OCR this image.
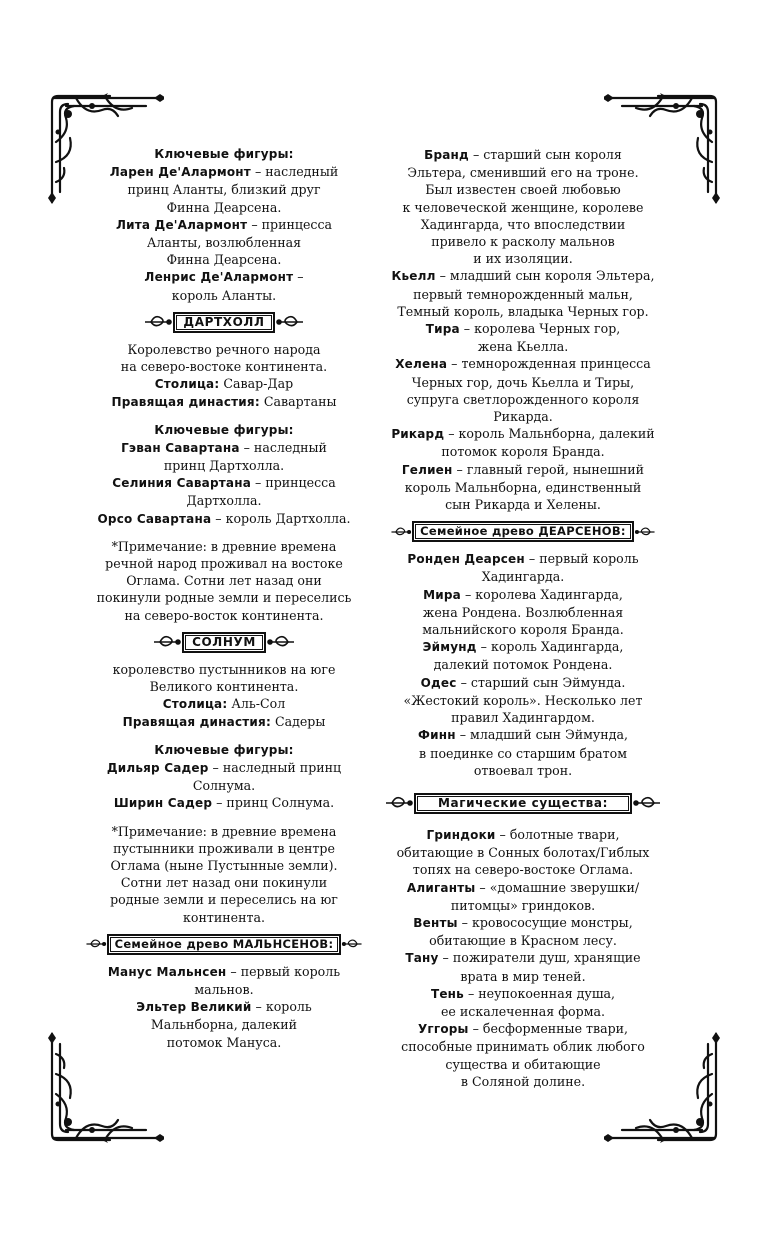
Ключевые фигуры:
Ларен Де'Алармонт – наследный
принц Аланты, близкий друг
Финна Деарсена.
Лита Де'Алармонт – принцесса
Аланты, возлюбленная
Финна Деарсена.
Ленрис Де'Алармонт –
король Аланты.
ДАРТХОЛЛ
Королевство речного народа
на северо-востоке континента.
Столица: Савар-Дар
Правящая династия: Савартаны
Ключевые фигуры:
Гэван Савартана – наследный
принц Дартхолла.
Селиния Савартана – принцесса
Дартхолла.
Орсо Савартана – король Дартхолла.
*Примечание: в древние времена
речной народ проживал на востоке
Оглама. Сотни лет назад они
покинули родные земли и переселись
на северо-восток континента.
СОЛНУМ
королевство пустынников на юге
Великого континента.
Столица: Аль-Сол
Правящая династия: Садеры
Ключевые фигуры:
Дильяр Садер – наследный принц
Солнума.
Ширин Садер – принц Солнума.
*Примечание: в древние времена
пустынники проживали в центре
Оглама (ныне Пустынные земли).
Сотни лет назад они покинули
родные земли и переселись на юг
континента.
Семейное древо МАЛЬНСЕНОВ:
Манус Мальнсен – первый король
мальнов.
Эльтер Великий – король
Мальнборна, далекий
потомок Мануса.
Бранд – старший сын короля
Эльтера, сменивший его на троне.
Был известен своей любовью
к человеческой женщине, королеве
Хадингарда, что впоследствии
привело к расколу мальнов
и их изоляции.
Кьелл – младший сын короля Эльтера,
первый темнорожденный мальн,
Темный король, владыка Черных гор.
Тира – королева Черных гор,
жена Кьелла.
Хелена – темнорожденная принцесса
Черных гор, дочь Кьелла и Тиры,
супруга светлорожденного короля
Рикарда.
Рикард – король Мальнборна, далекий
потомок короля Бранда.
Гелиен – главный герой, нынешний
король Мальнборна, единственный
сын Рикарда и Хелены.
Семейное древо ДЕАРСЕНОВ:
Ронден Деарсен – первый король
Хадингарда.
Мира – королева Хадингарда,
жена Рондена. Возлюбленная
мальнийского короля Бранда.
Эймунд – король Хадингарда,
далекий потомок Рондена.
Одес – старший сын Эймунда.
«Жестокий король». Несколько лет
правил Хадингардом.
Финн – младший сын Эймунда,
в поединке со старшим братом
отвоевал трон.
Магические существа:
Гриндоки – болотные твари,
обитающие в Сонных болотах/Гиблых
топях на северо-востоке Оглама.
Алиганты – «домашние зверушки/
питомцы» гриндоков.
Венты – кровососущие монстры,
обитающие в Красном лесу.
Тану – пожиратели душ, хранящие
врата в мир теней.
Тень – неупокоенная душа,
ее искалеченная форма.
Уггоры – бесформенные твари,
способные принимать облик любого
существа и обитающие
в Соляной долине.
